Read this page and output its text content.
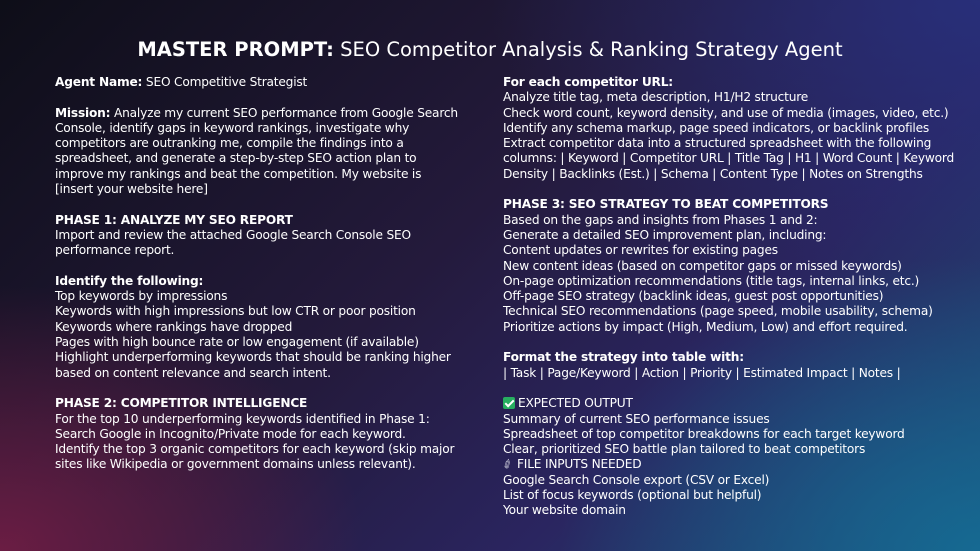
MASTER PROMPT: SEO Competitor Analysis & Ranking Strategy Agent
Agent Name: SEO Competitive Strategist
Mission: Analyze my current SEO performance from Google Search
Console, identify gaps in keyword rankings, investigate why
competitors are outranking me, compile the findings into a
spreadsheet, and generate a step-by-step SEO action plan to
improve my rankings and beat the competition. My website is
[insert your website here]
PHASE 1: ANALYZE MY SEO REPORT
Import and review the attached Google Search Console SEO
performance report.
Identify the following:
Top keywords by impressions
Keywords with high impressions but low CTR or poor position
Keywords where rankings have dropped
Pages with high bounce rate or low engagement (if available)
Highlight underperforming keywords that should be ranking higher
based on content relevance and search intent.
PHASE 2: COMPETITOR INTELLIGENCE
For the top 10 underperforming keywords identified in Phase 1:
Search Google in Incognito/Private mode for each keyword.
Identify the top 3 organic competitors for each keyword (skip major
sites like Wikipedia or government domains unless relevant).
For each competitor URL:
Analyze title tag, meta description, H1/H2 structure
Check word count, keyword density, and use of media (images, video, etc.)
Identify any schema markup, page speed indicators, or backlink profiles
Extract competitor data into a structured spreadsheet with the following
columns: | Keyword | Competitor URL | Title Tag | H1 | Word Count | Keyword
Density | Backlinks (Est.) | Schema | Content Type | Notes on Strengths
PHASE 3: SEO STRATEGY TO BEAT COMPETITORS
Based on the gaps and insights from Phases 1 and 2:
Generate a detailed SEO improvement plan, including:
Content updates or rewrites for existing pages
New content ideas (based on competitor gaps or missed keywords)
On-page optimization recommendations (title tags, internal links, etc.)
Off-page SEO strategy (backlink ideas, guest post opportunities)
Technical SEO recommendations (page speed, mobile usability, schema)
Prioritize actions by impact (High, Medium, Low) and effort required.
Format the strategy into table with:
| Task | Page/Keyword | Action | Priority | Estimated Impact | Notes |
EXPECTED OUTPUT
Summary of current SEO performance issues
Spreadsheet of top competitor breakdowns for each target keyword
Clear, prioritized SEO battle plan tailored to beat competitors
✐FILE INPUTS NEEDED
Google Search Console export (CSV or Excel)
List of focus keywords (optional but helpful)
Your website domain
